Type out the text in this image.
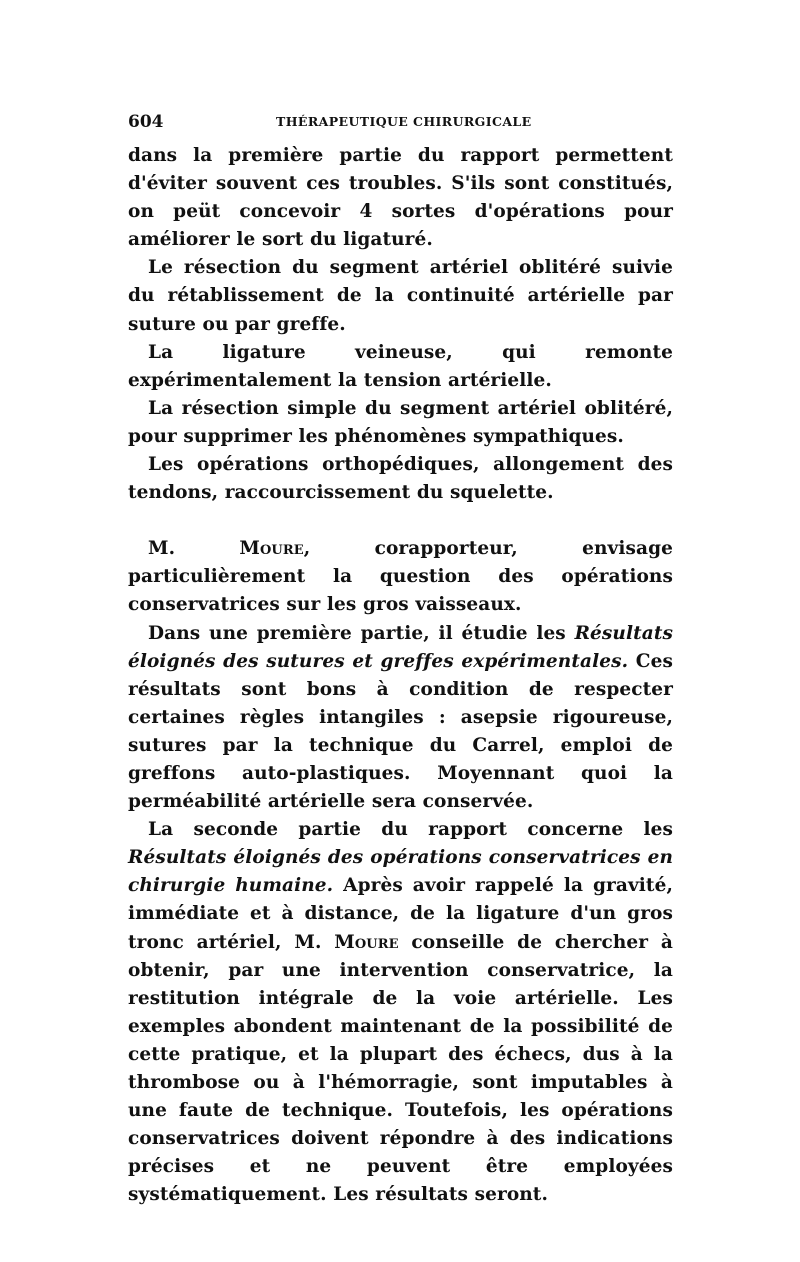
604	THÉRAPEUTIQUE CHIRURGICALE

dans la première partie du rapport permettent d'éviter souvent ces troubles. S'ils sont constitués, on peüt concevoir 4 sortes d'opérations pour améliorer le sort du ligaturé.

Le résection du segment artériel oblitéré suivie du rétablissement de la continuité artérielle par suture ou par greffe.

La ligature veineuse, qui remonte expérimentalement la tension artérielle.

La résection simple du segment artériel oblitéré, pour supprimer les phénomènes sympathiques.

Les opérations orthopédiques, allongement des tendons, raccourcissement du squelette.

M.	Moure, corapporteur, envisage particulièrement la question des opérations conservatrices sur les gros vaisseaux.

Dans une première partie, il étudie les Résultats éloignés des sutures et greffes expérimentales. Ces résultats sont bons à condition de respecter certaines règles intangiles : asepsie rigoureuse, sutures par la technique du Carrel, emploi de greffons auto-plastiques. Moyennant quoi la perméabilité artérielle sera conservée.

La seconde partie du rapport concerne les Résultats éloignés des opérations conservatrices en chirurgie humaine. Après avoir rappelé la gravité, immédiate et à distance, de la ligature d'un gros tronc artériel, M. Moure conseille de chercher à obtenir, par une intervention conservatrice, la restitution intégrale de la voie artérielle. Les exemples abondent maintenant de la possibilité de cette pratique, et la plupart des échecs, dus à la thrombose ou à l'hémorragie, sont imputables à une faute de technique. Toutefois, les opérations conservatrices doivent répondre à des indications précises et ne peuvent être employées systématiquement. Les résultats seront.
